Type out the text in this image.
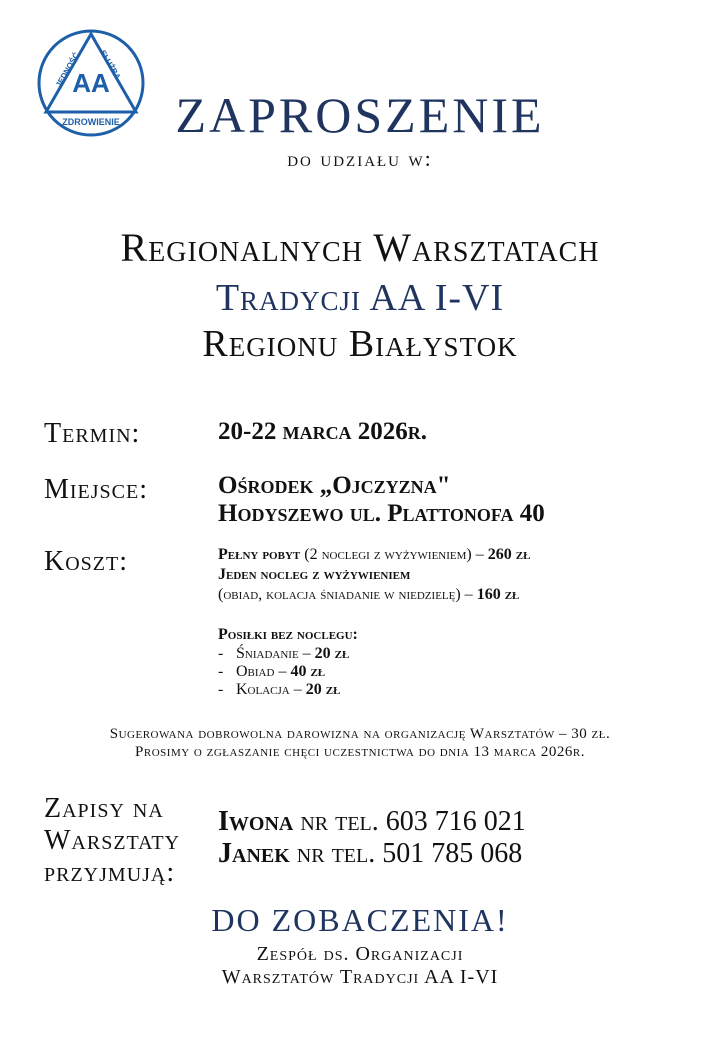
AA
JEDNOŚĆ SŁUŻBA
ZDROWIENIE	ZAPROSZENIE
do udziału w:
Regionalnych Warsztatach
Tradycji AA I-VI
Regionu Białystok
Termin:	20-22 marca 2026r.
Miejsce:	Ośrodek „Ojczyzna"
Hodyszewo ul. Plattonofa 40
Koszt:	Pełny pobyt (2 noclegi z wyżywieniem) – 260 zł
Jeden nocleg z wyżywieniem
(obiad, kolacja śniadanie w niedzielę) – 160 zł
Posiłki bez noclegu:
- Śniadanie – 20 zł
- Obiad – 40 zł
- Kolacja – 20 zł
Sugerowana dobrowolna darowizna na organizację Warsztatów – 30 zł.
Prosimy o zgłaszanie chęci uczestnictwa do dnia 13 marca 2026r.
Zapisy na
Warsztaty
przyjmują:
Iwona nr tel. 603 716 021
Janek nr tel. 501 785 068
DO ZOBACZENIA!
Zespół ds. Organizacji
Warsztatów Tradycji AA I-VI
